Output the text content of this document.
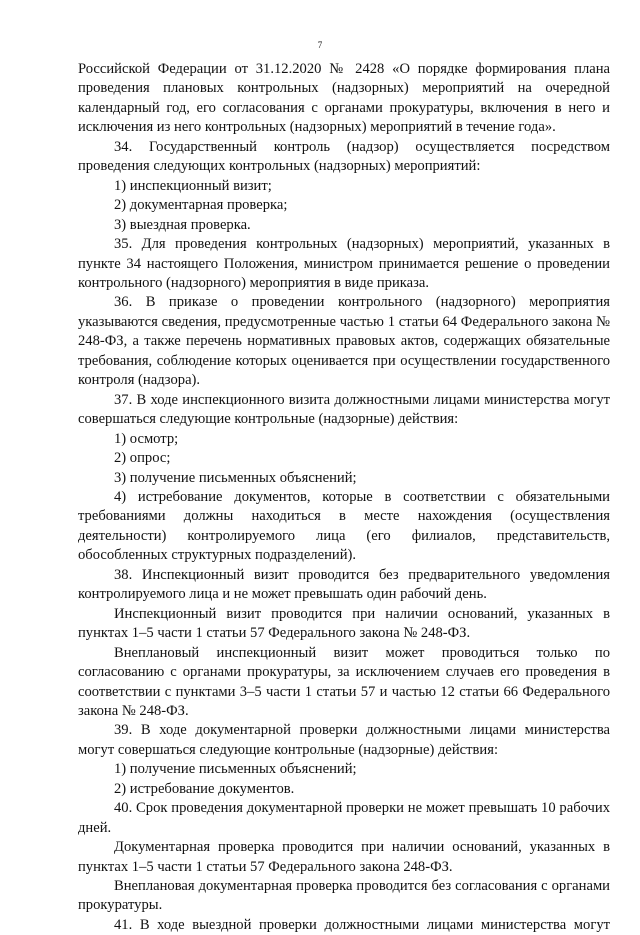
7

Российской Федерации от 31.12.2020 № 2428 «О порядке формирования плана проведения плановых контрольных (надзорных) мероприятий на очередной календарный год, его согласования с органами прокуратуры, включения в него и исключения из него контрольных (надзорных) мероприятий в течение года».

34. Государственный контроль (надзор) осуществляется посредством проведения следующих контрольных (надзорных) мероприятий:

1) инспекционный визит;

2) документарная проверка;

3) выездная проверка.

35. Для проведения контрольных (надзорных) мероприятий, указанных в пункте 34 настоящего Положения, министром принимается решение о проведении контрольного (надзорного) мероприятия в виде приказа.

36. В приказе о проведении контрольного (надзорного) мероприятия указываются сведения, предусмотренные частью 1 статьи 64 Федерального закона № 248-ФЗ, а также перечень нормативных правовых актов, содержащих обязательные требования, соблюдение которых оценивается при осуществлении государственного контроля (надзора).

37. В ходе инспекционного визита должностными лицами министерства могут совершаться следующие контрольные (надзорные) действия:

1) осмотр;

2) опрос;

3) получение письменных объяснений;

4) истребование документов, которые в соответствии с обязательными требованиями должны находиться в месте нахождения (осуществления деятельности) контролируемого лица (его филиалов, представительств, обособленных структурных подразделений).

38. Инспекционный визит проводится без предварительного уведомления контролируемого лица и не может превышать один рабочий день.

Инспекционный визит проводится при наличии оснований, указанных в пунктах 1–5 части 1 статьи 57 Федерального закона № 248-ФЗ.

Внеплановый инспекционный визит может проводиться только по согласованию с органами прокуратуры, за исключением случаев его проведения в соответствии с пунктами 3–5 части 1 статьи 57 и частью 12 статьи 66 Федерального закона № 248-ФЗ.

39. В ходе документарной проверки должностными лицами министерства могут совершаться следующие контрольные (надзорные) действия:

1) получение письменных объяснений;

2) истребование документов.

40. Срок проведения документарной проверки не может превышать 10 рабочих дней.

Документарная проверка проводится при наличии оснований, указанных в пунктах 1–5 части 1 статьи 57 Федерального закона 248-ФЗ.

Внеплановая документарная проверка проводится без согласования с органами прокуратуры.

41. В ходе выездной проверки должностными лицами министерства могут
